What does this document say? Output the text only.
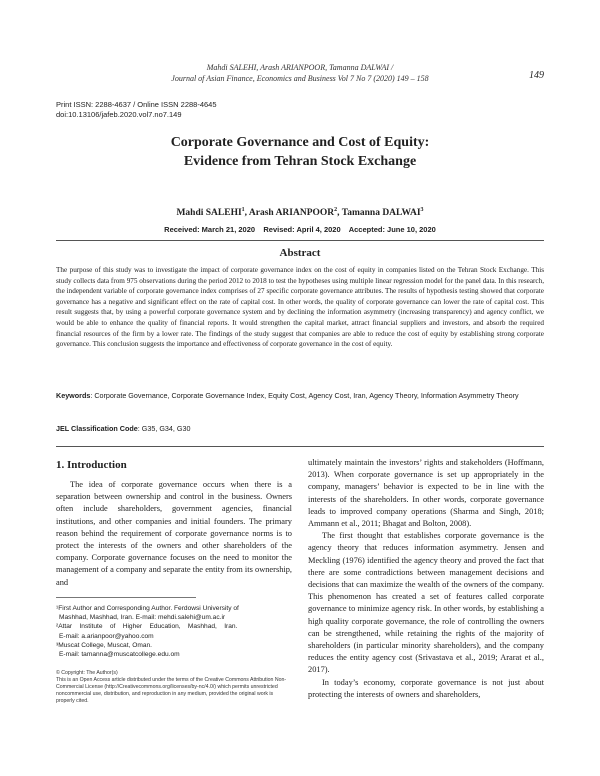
Mahdi SALEHI, Arash ARIANPOOR, Tamanna DALWAI /
Journal of Asian Finance, Economics and Business Vol 7 No 7 (2020) 149 – 158	149
Print ISSN: 2288-4637 / Online ISSN 2288-4645
doi:10.13106/jafeb.2020.vol7.no7.149
Corporate Governance and Cost of Equity:
Evidence from Tehran Stock Exchange
Mahdi SALEHI$^1$, Arash ARIANPOOR$^2$, Tamanna DALWAI$^3$
Received: March 21, 2020    Revised: April 4, 2020    Accepted: June 10, 2020
Abstract
The purpose of this study was to investigate the impact of corporate governance index on the cost of equity in companies listed on the Tehran Stock Exchange. This study collects data from 975 observations during the period 2012 to 2018 to test the hypotheses using multiple linear regression model for the panel data. In this research, the independent variable of corporate governance index comprises of 27 specific corporate governance attributes. The results of hypothesis testing showed that corporate governance has a negative and significant effect on the rate of capital cost. In other words, the quality of corporate governance can lower the rate of capital cost. This result suggests that, by using a powerful corporate governance system and by declining the information asymmetry (increasing transparency) and agency conflict, we would be able to enhance the quality of financial reports. It would strengthen the capital market, attract financial suppliers and investors, and absorb the required financial resources of the firm by a lower rate. The findings of the study suggest that companies are able to reduce the cost of equity by establishing strong corporate governance. This conclusion suggests the importance and effectiveness of corporate governance in the cost of equity.
Keywords: Corporate Governance, Corporate Governance Index, Equity Cost, Agency Cost, Iran, Agency Theory, Information Asymmetry Theory
JEL Classification Code: G35, G34, G30
1. Introduction

The idea of corporate governance occurs when there is a separation between ownership and control in the business. Owners often include shareholders, government agencies, financial institutions, and other companies and initial founders. The primary reason behind the requirement of corporate governance norms is to protect the interests of the owners and other shareholders of the company. Corporate governance focuses on the need to monitor the management of a company and separate the entity from its ownership, and

ultimately maintain the investors’ rights and stakeholders (Hoffmann, 2013). When corporate governance is set up appropriately in the company, managers’ behavior is expected to be in line with the interests of the shareholders. In other words, corporate governance leads to improved company operations (Sharma and Singh, 2018; Ammann et al., 2011; Bhagat and Bolton, 2008).

The first thought that establishes corporate governance is the agency theory that reduces information asymmetry. Jensen and Meckling (1976) identified the agency theory and proved the fact that there are some contradictions between management decisions and decisions that can maximize the wealth of the owners of the company. This phenomenon has created a set of features called corporate governance to minimize agency risk. In other words, by establishing a high quality corporate governance, the role of controlling the owners can be strengthened, while retaining the rights of the majority of shareholders (in particular minority shareholders), and the company reduces the entity agency cost (Srivastava et al., 2019; Ararat et al., 2017).

In today’s economy, corporate governance is not just about protecting the interests of owners and shareholders,

¹First Author and Corresponding Author. Ferdowsi University of
Mashhad, Mashhad, Iran. E-mail: mehdi.salehi@um.ac.ir
²Attar    Institute    of    Higher    Education,    Mashhad,    Iran.
E-mail: a.arianpoor@yahoo.com
³Muscat College, Muscat, Oman.
E-mail: tamanna@muscatcollege.edu.om
© Copyright: The Author(s)
This is an Open Access article distributed under the terms of the Creative Commons Attribution Non-Commercial License (http://Creativecommons.org/licenses/by-nc/4.0/) which permits unrestricted noncommercial use, distribution, and reproduction in any medium, provided the original work is properly cited.
